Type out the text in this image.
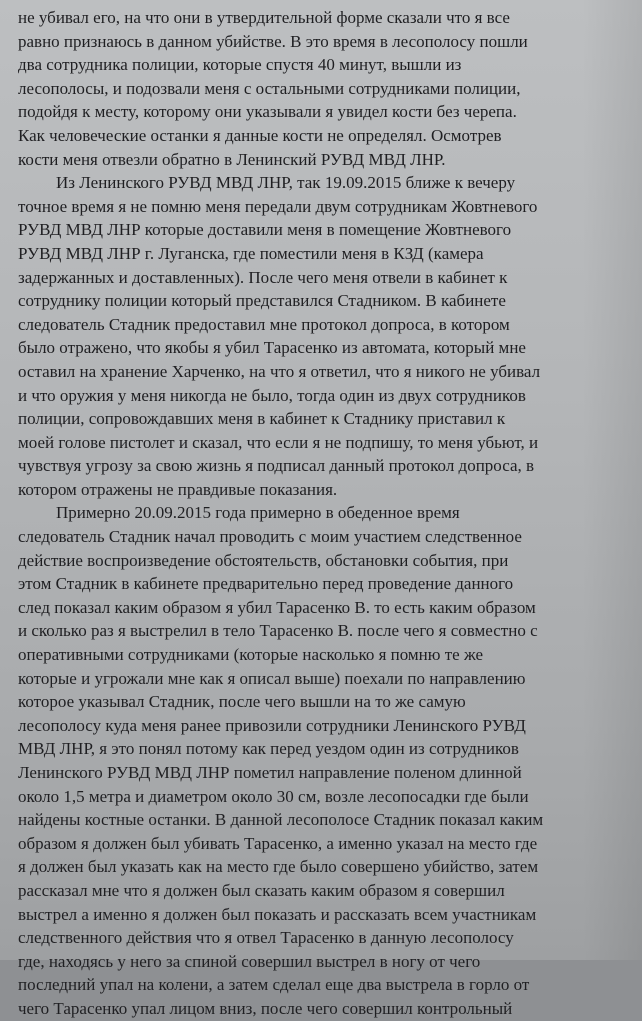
не убивал его, на что они в утвердительной форме сказали что я все
равно признаюсь в данном убийстве. В это время в лесополосу пошли
два сотрудника полиции, которые спустя 40 минут, вышли из
лесополосы, и подозвали меня с остальными сотрудниками полиции,
подойдя к месту, которому они указывали я увидел кости без черепа.
Как человеческие останки я данные кости не определял. Осмотрев
кости меня отвезли обратно в Ленинский РУВД МВД ЛНР.

Из Ленинского РУВД МВД ЛНР, так 19.09.2015 ближе к вечеру
точное время я не помню меня передали двум сотрудникам Жовтневого
РУВД МВД ЛНР которые доставили меня в помещение Жовтневого
РУВД МВД ЛНР г. Луганска, где поместили меня в КЗД (камера
задержанных и доставленных). После чего меня отвели в кабинет к
сотруднику полиции который представился Стадником. В кабинете
следователь Стадник предоставил мне протокол допроса, в котором
было отражено, что якобы я убил Тарасенко из автомата, который мне
оставил на хранение Харченко, на что я ответил, что я никого не убивал
и что оружия у меня никогда не было, тогда один из двух сотрудников
полиции, сопровождавших меня в кабинет к Стаднику приставил к
моей голове пистолет и сказал, что если я не подпишу, то меня убьют, и
чувствуя угрозу за свою жизнь я подписал данный протокол допроса, в
котором отражены не правдивые показания.

Примерно 20.09.2015 года примерно в обеденное время
следователь Стадник начал проводить с моим участием следственное
действие воспроизведение обстоятельств, обстановки события, при
этом Стадник в кабинете предварительно перед проведение данного
след показал каким образом я убил Тарасенко В. то есть каким образом
и сколько раз я выстрелил в тело Тарасенко В. после чего я совместно с
оперативными сотрудниками (которые насколько я помню те же
которые и угрожали мне как я описал выше) поехали по направлению
которое указывал Стадник, после чего вышли на то же самую
лесополосу куда меня ранее привозили сотрудники Ленинского РУВД
МВД ЛНР, я это понял потому как перед уездом один из сотрудников
Ленинского РУВД МВД ЛНР пометил направление поленом длинной
около 1,5 метра и диаметром около 30 см, возле лесопосадки где были
найдены костные останки. В данной лесополосе Стадник показал каким
образом я должен был убивать Тарасенко, а именно указал на место где
я должен был указать как на место где было совершено убийство, затем
рассказал мне что я должен был сказать каким образом я совершил
выстрел а именно я должен был показать и рассказать всем участникам
следственного действия что я отвел Тарасенко в данную лесополосу
где, находясь у него за спиной совершил выстрел в ногу от чего
последний упал на колени, а затем сделал еще два выстрела в горло от
чего Тарасенко упал лицом вниз, после чего совершил контрольный
